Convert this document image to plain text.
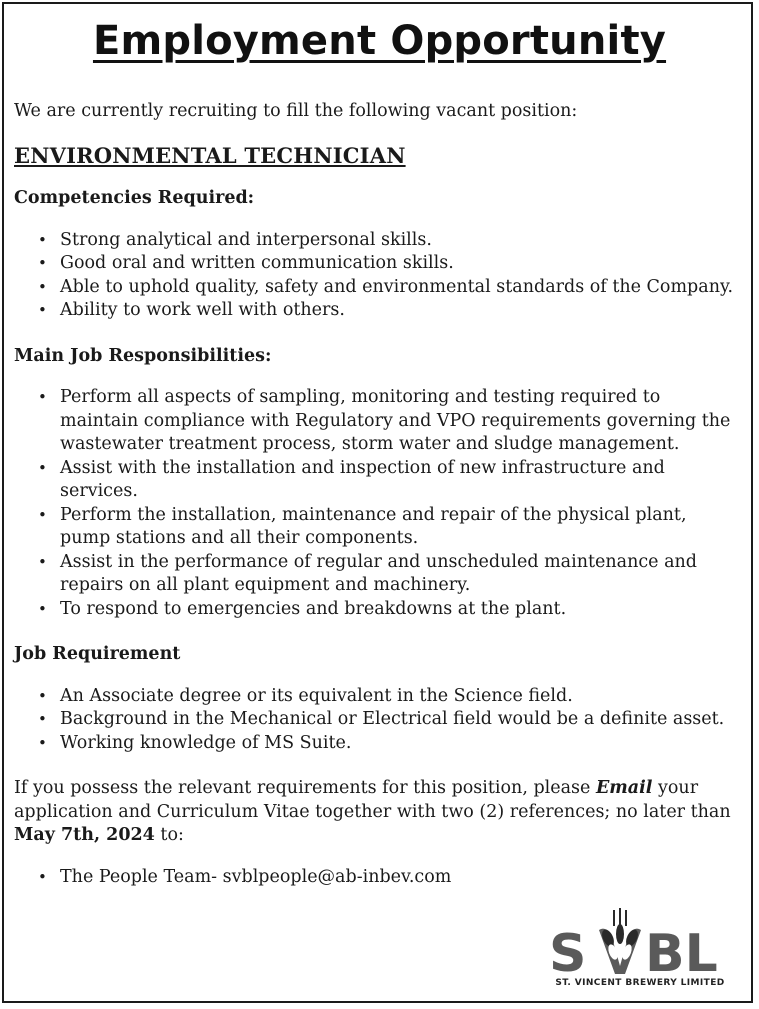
Employment Opportunity

We are currently recruiting to fill the following vacant position:

ENVIRONMENTAL TECHNICIAN

Competencies Required:

• Strong analytical and interpersonal skills.
• Good oral and written communication skills.
• Able to uphold quality, safety and environmental standards of the Company.
• Ability to work well with others.

Main Job Responsibilities:

• Perform all aspects of sampling, monitoring and testing required to maintain compliance with Regulatory and VPO requirements governing the wastewater treatment process, storm water and sludge management.
• Assist with the installation and inspection of new infrastructure and services.
• Perform the installation, maintenance and repair of the physical plant, pump stations and all their components.
• Assist in the performance of regular and unscheduled maintenance and repairs on all plant equipment and machinery.
• To respond to emergencies and breakdowns at the plant.

Job Requirement

• An Associate degree or its equivalent in the Science field.
• Background in the Mechanical or Electrical field would be a definite asset.
• Working knowledge of MS Suite.

If you possess the relevant requirements for this position, please Email your application and Curriculum Vitae together with two (2) references; no later than May 7th, 2024 to:

• The People Team- svblpeople@ab-inbev.com
S BL
ST. VINCENT BREWERY LIMITED
